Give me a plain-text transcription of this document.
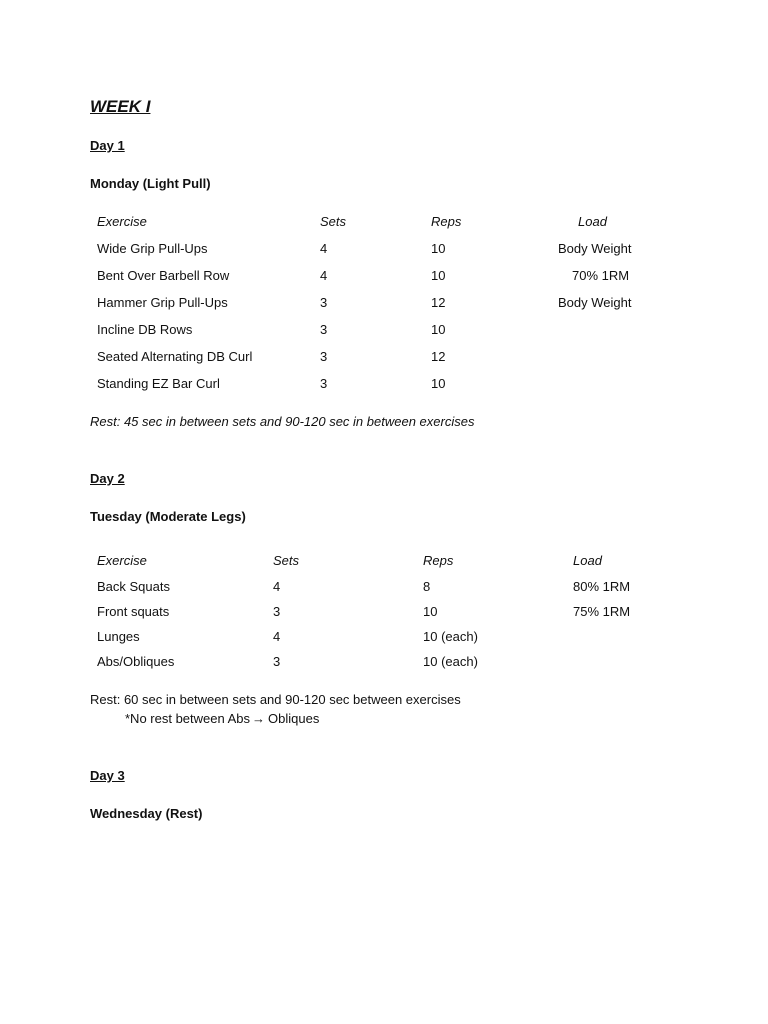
WEEK I
Day 1
Monday (Light Pull)
Exercise	Sets	Reps	Load
Wide Grip Pull-Ups	4	10	Body Weight
Bent Over Barbell Row	4	10	70% 1RM
Hammer Grip Pull-Ups	3	12	Body Weight
Incline DB Rows	3	10
Seated Alternating DB Curl	3	12
Standing EZ Bar Curl	3	10
Rest: 45 sec in between sets and 90-120 sec in between exercises
Day 2
Tuesday (Moderate Legs)
Exercise	Sets	Reps	Load
Back Squats	4	8	80% 1RM
Front squats	3	10	75% 1RM
Lunges	4	10 (each)
Abs/Obliques	3	10 (each)
Rest: 60 sec in between sets and 90-120 sec between exercises
*No rest between Abs → Obliques
Day 3
Wednesday (Rest)
